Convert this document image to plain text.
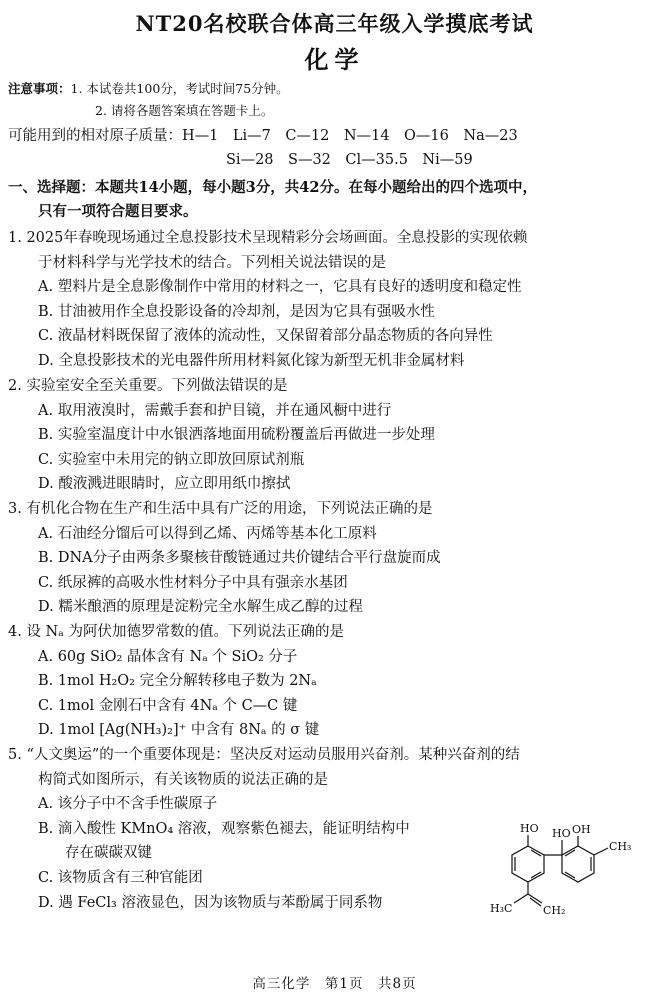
NT20名校联合体高三年级入学摸底考试
化学
注意事项：1. 本试卷共100分，考试时间75分钟。
2. 请将各题答案填在答题卡上。
可能用到的相对原子质量：H—1　Li—7　C—12　N—14　O—16　Na—23
Si—28　S—32　Cl—35.5　Ni—59
一、选择题：本题共14小题，每小题3分，共42分。在每小题给出的四个选项中，
只有一项符合题目要求。
1. 2025年春晚现场通过全息投影技术呈现精彩分会场画面。全息投影的实现依赖
于材料科学与光学技术的结合。下列相关说法错误的是
A. 塑料片是全息影像制作中常用的材料之一，它具有良好的透明度和稳定性
B. 甘油被用作全息投影设备的冷却剂，是因为它具有强吸水性
C. 液晶材料既保留了液体的流动性，又保留着部分晶态物质的各向异性
D. 全息投影技术的光电器件所用材料氮化镓为新型无机非金属材料
2. 实验室安全至关重要。下列做法错误的是
A. 取用液溴时，需戴手套和护目镜，并在通风橱中进行
B. 实验室温度计中水银洒落地面用硫粉覆盖后再做进一步处理
C. 实验室中未用完的钠立即放回原试剂瓶
D. 酸液溅进眼睛时，应立即用纸巾擦拭
3. 有机化合物在生产和生活中具有广泛的用途，下列说法正确的是
A. 石油经分馏后可以得到乙烯、丙烯等基本化工原料
B. DNA分子由两条多聚核苷酸链通过共价键结合平行盘旋而成
C. 纸尿裤的高吸水性材料分子中具有强亲水基团
D. 糯米酿酒的原理是淀粉完全水解生成乙醇的过程
4. 设 Nₐ 为阿伏加德罗常数的值。下列说法正确的是
A. 60g SiO₂ 晶体含有 Nₐ 个 SiO₂ 分子
B. 1mol H₂O₂ 完全分解转移电子数为 2Nₐ
C. 1mol 金刚石中含有 4Nₐ 个 C—C 键
D. 1mol [Ag(NH₃)₂]⁺ 中含有 8Nₐ 的 σ 键
5. “人文奥运”的一个重要体现是：坚决反对运动员服用兴奋剂。某种兴奋剂的结
构简式如图所示，有关该物质的说法正确的是
A. 该分子中不含手性碳原子
B. 滴入酸性 KMnO₄ 溶液，观察紫色褪去，能证明结构中
存在碳碳双键
C. 该物质含有三种官能团
D. 遇 FeCl₃ 溶液显色，因为该物质与苯酚属于同系物
HO HO OH
CH₃
H₃C	CH₂
高三化学　第1页　共8页
